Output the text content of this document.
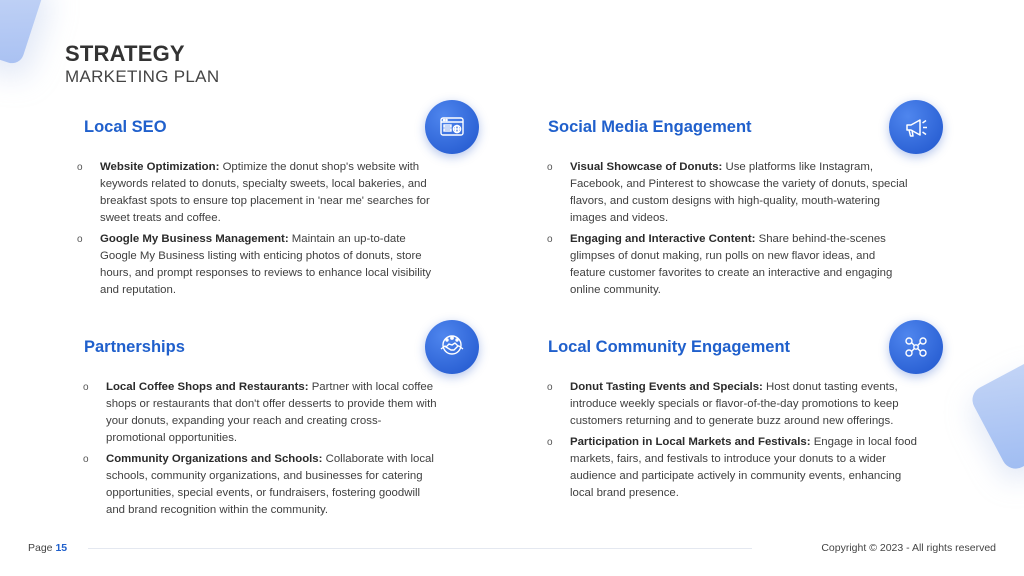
STRATEGY
MARKETING PLAN
Local SEO
o Website Optimization: Optimize the donut shop's website with keywords related to donuts, specialty sweets, local bakeries, and breakfast spots to ensure top placement in 'near me' searches for sweet treats and coffee.
o Google My Business Management: Maintain an up-to-date Google My Business listing with enticing photos of donuts, store hours, and prompt responses to reviews to enhance local visibility and reputation.
Social Media Engagement
o Visual Showcase of Donuts: Use platforms like Instagram, Facebook, and Pinterest to showcase the variety of donuts, special flavors, and custom designs with high-quality, mouth-watering images and videos.
o Engaging and Interactive Content: Share behind-the-scenes glimpses of donut making, run polls on new flavor ideas, and feature customer favorites to create an interactive and engaging online community.
Partnerships
o Local Coffee Shops and Restaurants: Partner with local coffee shops or restaurants that don't offer desserts to provide them with your donuts, expanding your reach and creating cross-promotional opportunities.
o Community Organizations and Schools: Collaborate with local schools, community organizations, and businesses for catering opportunities, special events, or fundraisers, fostering goodwill and brand recognition within the community.
Local Community Engagement
o Donut Tasting Events and Specials: Host donut tasting events, introduce weekly specials or flavor-of-the-day promotions to keep customers returning and to generate buzz around new offerings.
o Participation in Local Markets and Festivals: Engage in local food markets, fairs, and festivals to introduce your donuts to a wider audience and participate actively in community events, enhancing local brand presence.
Page 15	Copyright © 2023 - All rights reserved
